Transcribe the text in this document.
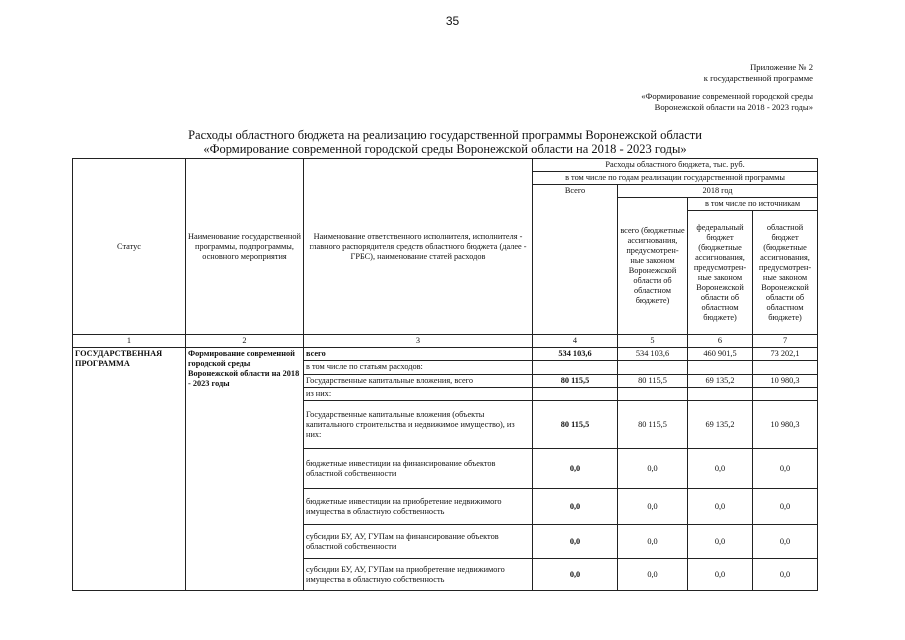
35
Приложение № 2
к государственной программе
«Формирование современной городской среды
Воронежской области на 2018 - 2023 годы»
Расходы областного бюджета на реализацию государственной программы Воронежской области
«Формирование современной городской среды Воронежской области на 2018 - 2023 годы»
Статус	Наименование государственной программы, подпрограммы, основного мероприятия	Наименование ответственного исполнителя, исполнителя - главного распорядителя средств областного бюджета (далее - ГРБС), наименование статей расходов	Расходы областного бюджета, тыс. руб.			
			в том числе по годам реализации государственной программы			
			Всего	2018 год		
				всего (бюджетные ассигнования, предусмотрен-ные законом Воронежской области об областном бюджете)	в том числе по источникам	
					федеральный бюджет (бюджетные ассигнования, предусмотрен-ные законом Воронежской области об областном бюджете)	областной бюджет (бюджетные ассигнования, предусмотрен-ные законом Воронежской области об областном бюджете)
1	2	3	4	5	6	7
ГОСУДАРСТВЕННАЯ ПРОГРАММА	Формирование современной городской среды Воронежской области на 2018 - 2023 годы	всего	534 103,6	534 103,6	460 901,5	73 202,1
		в том числе по статьям расходов:				
		Государственные капитальные вложения, всего	80 115,5	80 115,5	69 135,2	10 980,3
		из них:				
		Государственные капитальные вложения (объекты капитального строительства и недвижимое имущество), из них:	80 115,5	80 115,5	69 135,2	10 980,3
		бюджетные инвестиции на финансирование объектов областной собственности	0,0	0,0	0,0	0,0
		бюджетные инвестиции на приобретение недвижимого имущества в областную собственность	0,0	0,0	0,0	0,0
		субсидии БУ, АУ, ГУПам на финансирование объектов областной собственности	0,0	0,0	0,0	0,0
		субсидии БУ, АУ, ГУПам на приобретение недвижимого имущества в областную собственность	0,0	0,0	0,0	0,0
